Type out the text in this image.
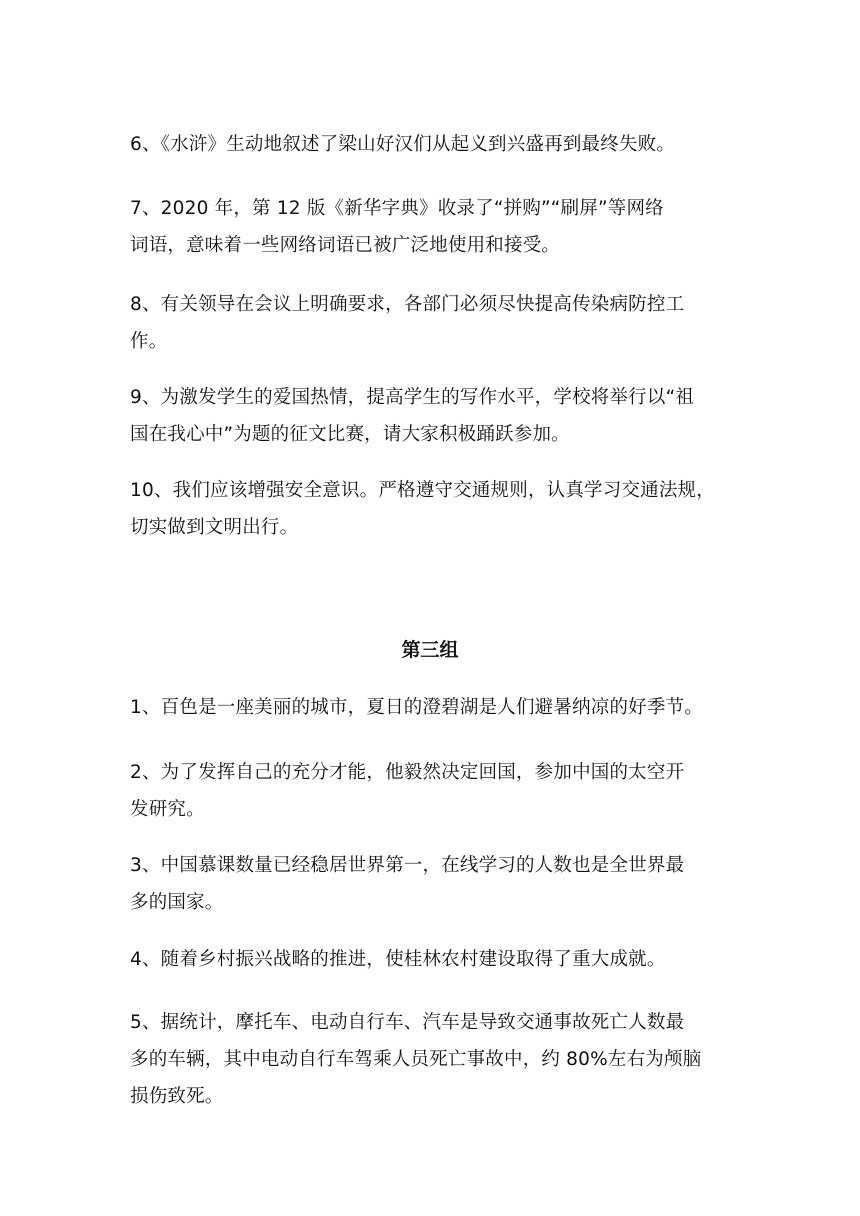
6、《水浒》生动地叙述了梁山好汉们从起义到兴盛再到最终失败。

7、2020 年，第 12 版《新华字典》收录了“拼购”“刷屏”等网络

词语，意味着一些网络词语已被广泛地使用和接受。

8、有关领导在会议上明确要求，各部门必须尽快提高传染病防控工

作。

9、为激发学生的爱国热情，提高学生的写作水平，学校将举行以“祖

国在我心中”为题的征文比赛，请大家积极踊跃参加。

10、我们应该增强安全意识。严格遵守交通规则，认真学习交通法规，

切实做到文明出行。

第三组

1、百色是一座美丽的城市，夏日的澄碧湖是人们避暑纳凉的好季节。

2、为了发挥自己的充分才能，他毅然决定回国，参加中国的太空开

发研究。

3、中国慕课数量已经稳居世界第一，在线学习的人数也是全世界最

多的国家。

4、随着乡村振兴战略的推进，使桂林农村建设取得了重大成就。

5、据统计，摩托车、电动自行车、汽车是导致交通事故死亡人数最

多的车辆，其中电动自行车驾乘人员死亡事故中，约 80%左右为颅脑

损伤致死。
